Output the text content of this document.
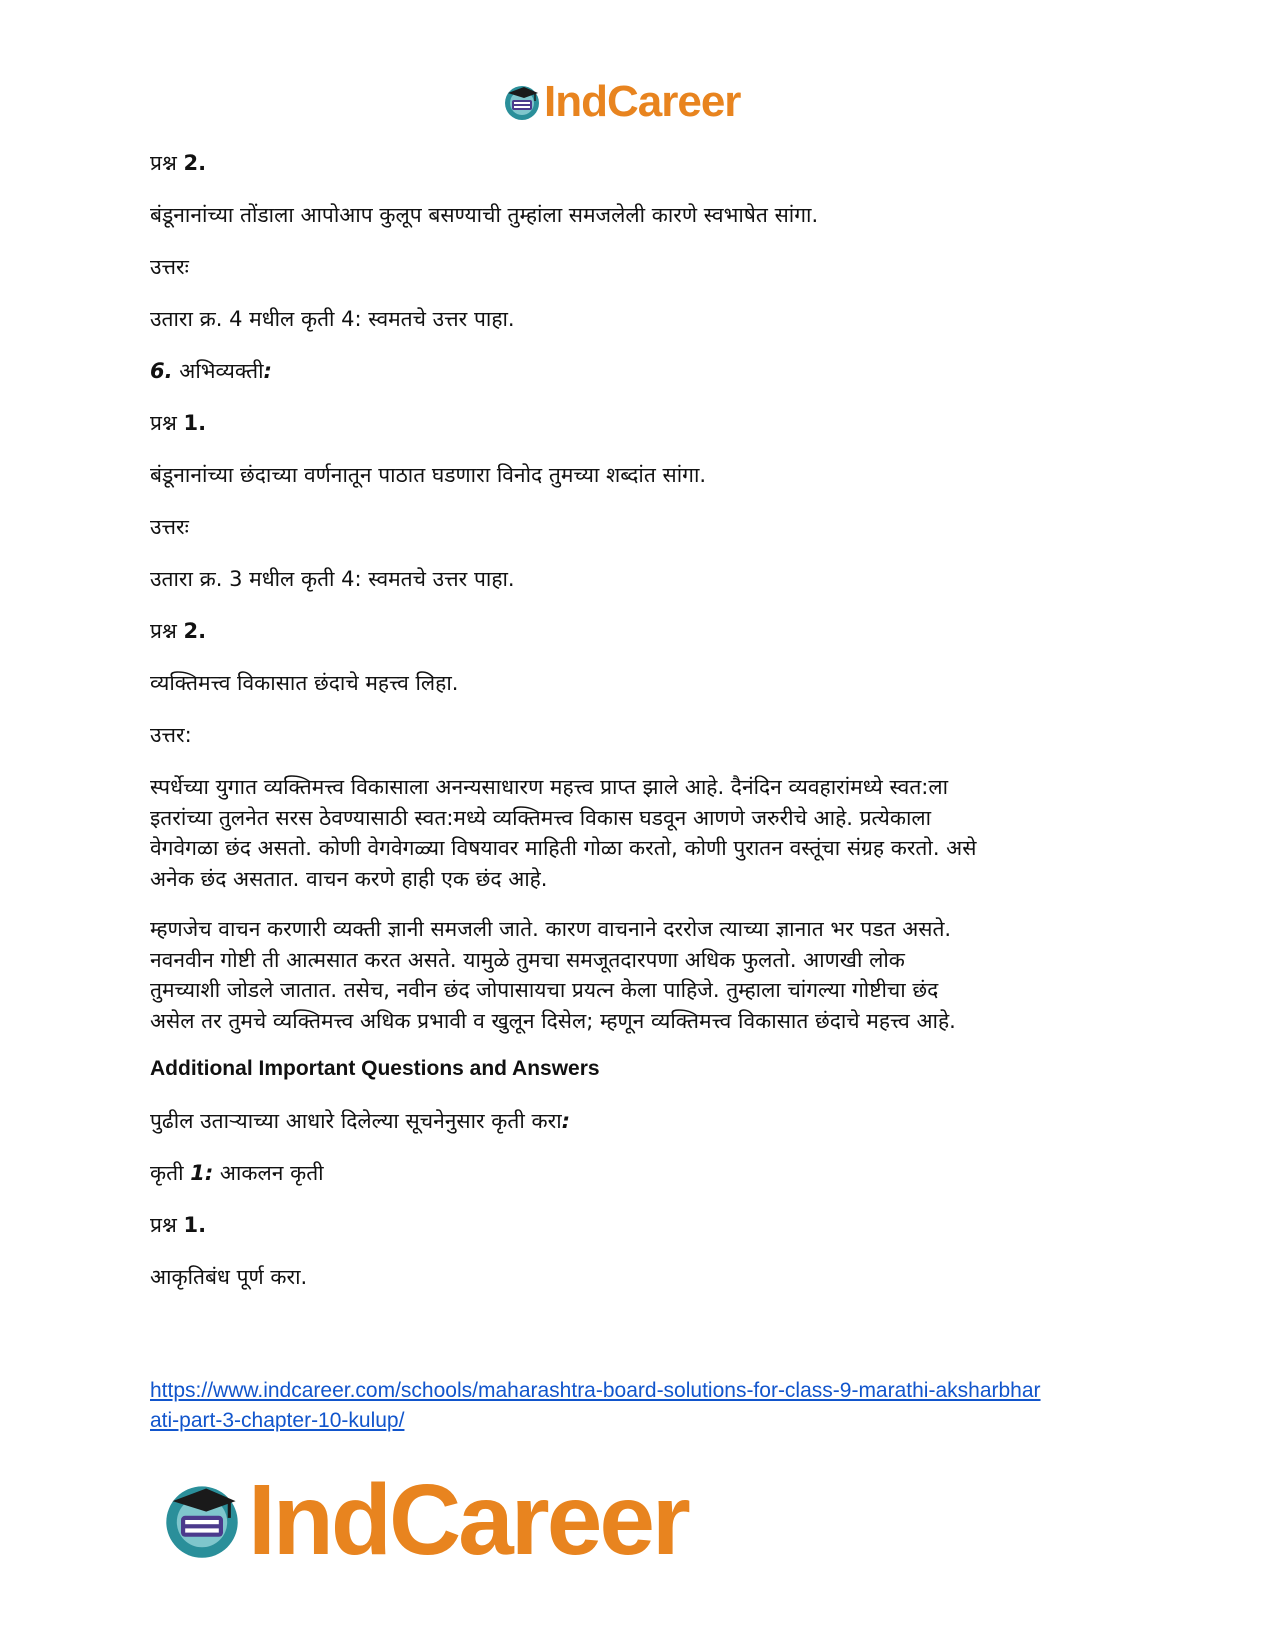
IndCareer
प्रश्न 2.
बंडूनानांच्या तोंडाला आपोआप कुलूप बसण्याची तुम्हांला समजलेली कारणे स्वभाषेत सांगा.
उत्तरः
उतारा क्र. 4 मधील कृती 4: स्वमतचे उत्तर पाहा.
6. अभिव्यक्ती:
प्रश्न 1.
बंडूनानांच्या छंदाच्या वर्णनातून पाठात घडणारा विनोद तुमच्या शब्दांत सांगा.
उत्तरः
उतारा क्र. 3 मधील कृती 4: स्वमतचे उत्तर पाहा.
प्रश्न 2.
व्यक्तिमत्त्व विकासात छंदाचे महत्त्व लिहा.
उत्तर:
स्पर्धेच्या युगात व्यक्तिमत्त्व विकासाला अनन्यसाधारण महत्त्व प्राप्त झाले आहे. दैनंदिन व्यवहारांमध्ये स्वत:ला
इतरांच्या तुलनेत सरस ठेवण्यासाठी स्वत:मध्ये व्यक्तिमत्त्व विकास घडवून आणणे जरुरीचे आहे. प्रत्येकाला
वेगवेगळा छंद असतो. कोणी वेगवेगळ्या विषयावर माहिती गोळा करतो, कोणी पुरातन वस्तूंचा संग्रह करतो. असे
अनेक छंद असतात. वाचन करणे हाही एक छंद आहे.
म्हणजेच वाचन करणारी व्यक्ती ज्ञानी समजली जाते. कारण वाचनाने दररोज त्याच्या ज्ञानात भर पडत असते.
नवनवीन गोष्टी ती आत्मसात करत असते. यामुळे तुमचा समजूतदारपणा अधिक फुलतो. आणखी लोक
तुमच्याशी जोडले जातात. तसेच, नवीन छंद जोपासायचा प्रयत्न केला पाहिजे. तुम्हाला चांगल्या गोष्टीचा छंद
असेल तर तुमचे व्यक्तिमत्त्व अधिक प्रभावी व खुलून दिसेल; म्हणून व्यक्तिमत्त्व विकासात छंदाचे महत्त्व आहे.
Additional Important Questions and Answers
पुढील उताऱ्याच्या आधारे दिलेल्या सूचनेनुसार कृती करा:
कृती 1: आकलन कृती
प्रश्न 1.
आकृतिबंध पूर्ण करा.
https://www.indcareer.com/schools/maharashtra-board-solutions-for-class-9-marathi-aksharbhar
ati-part-3-chapter-10-kulup/
IndCareer
